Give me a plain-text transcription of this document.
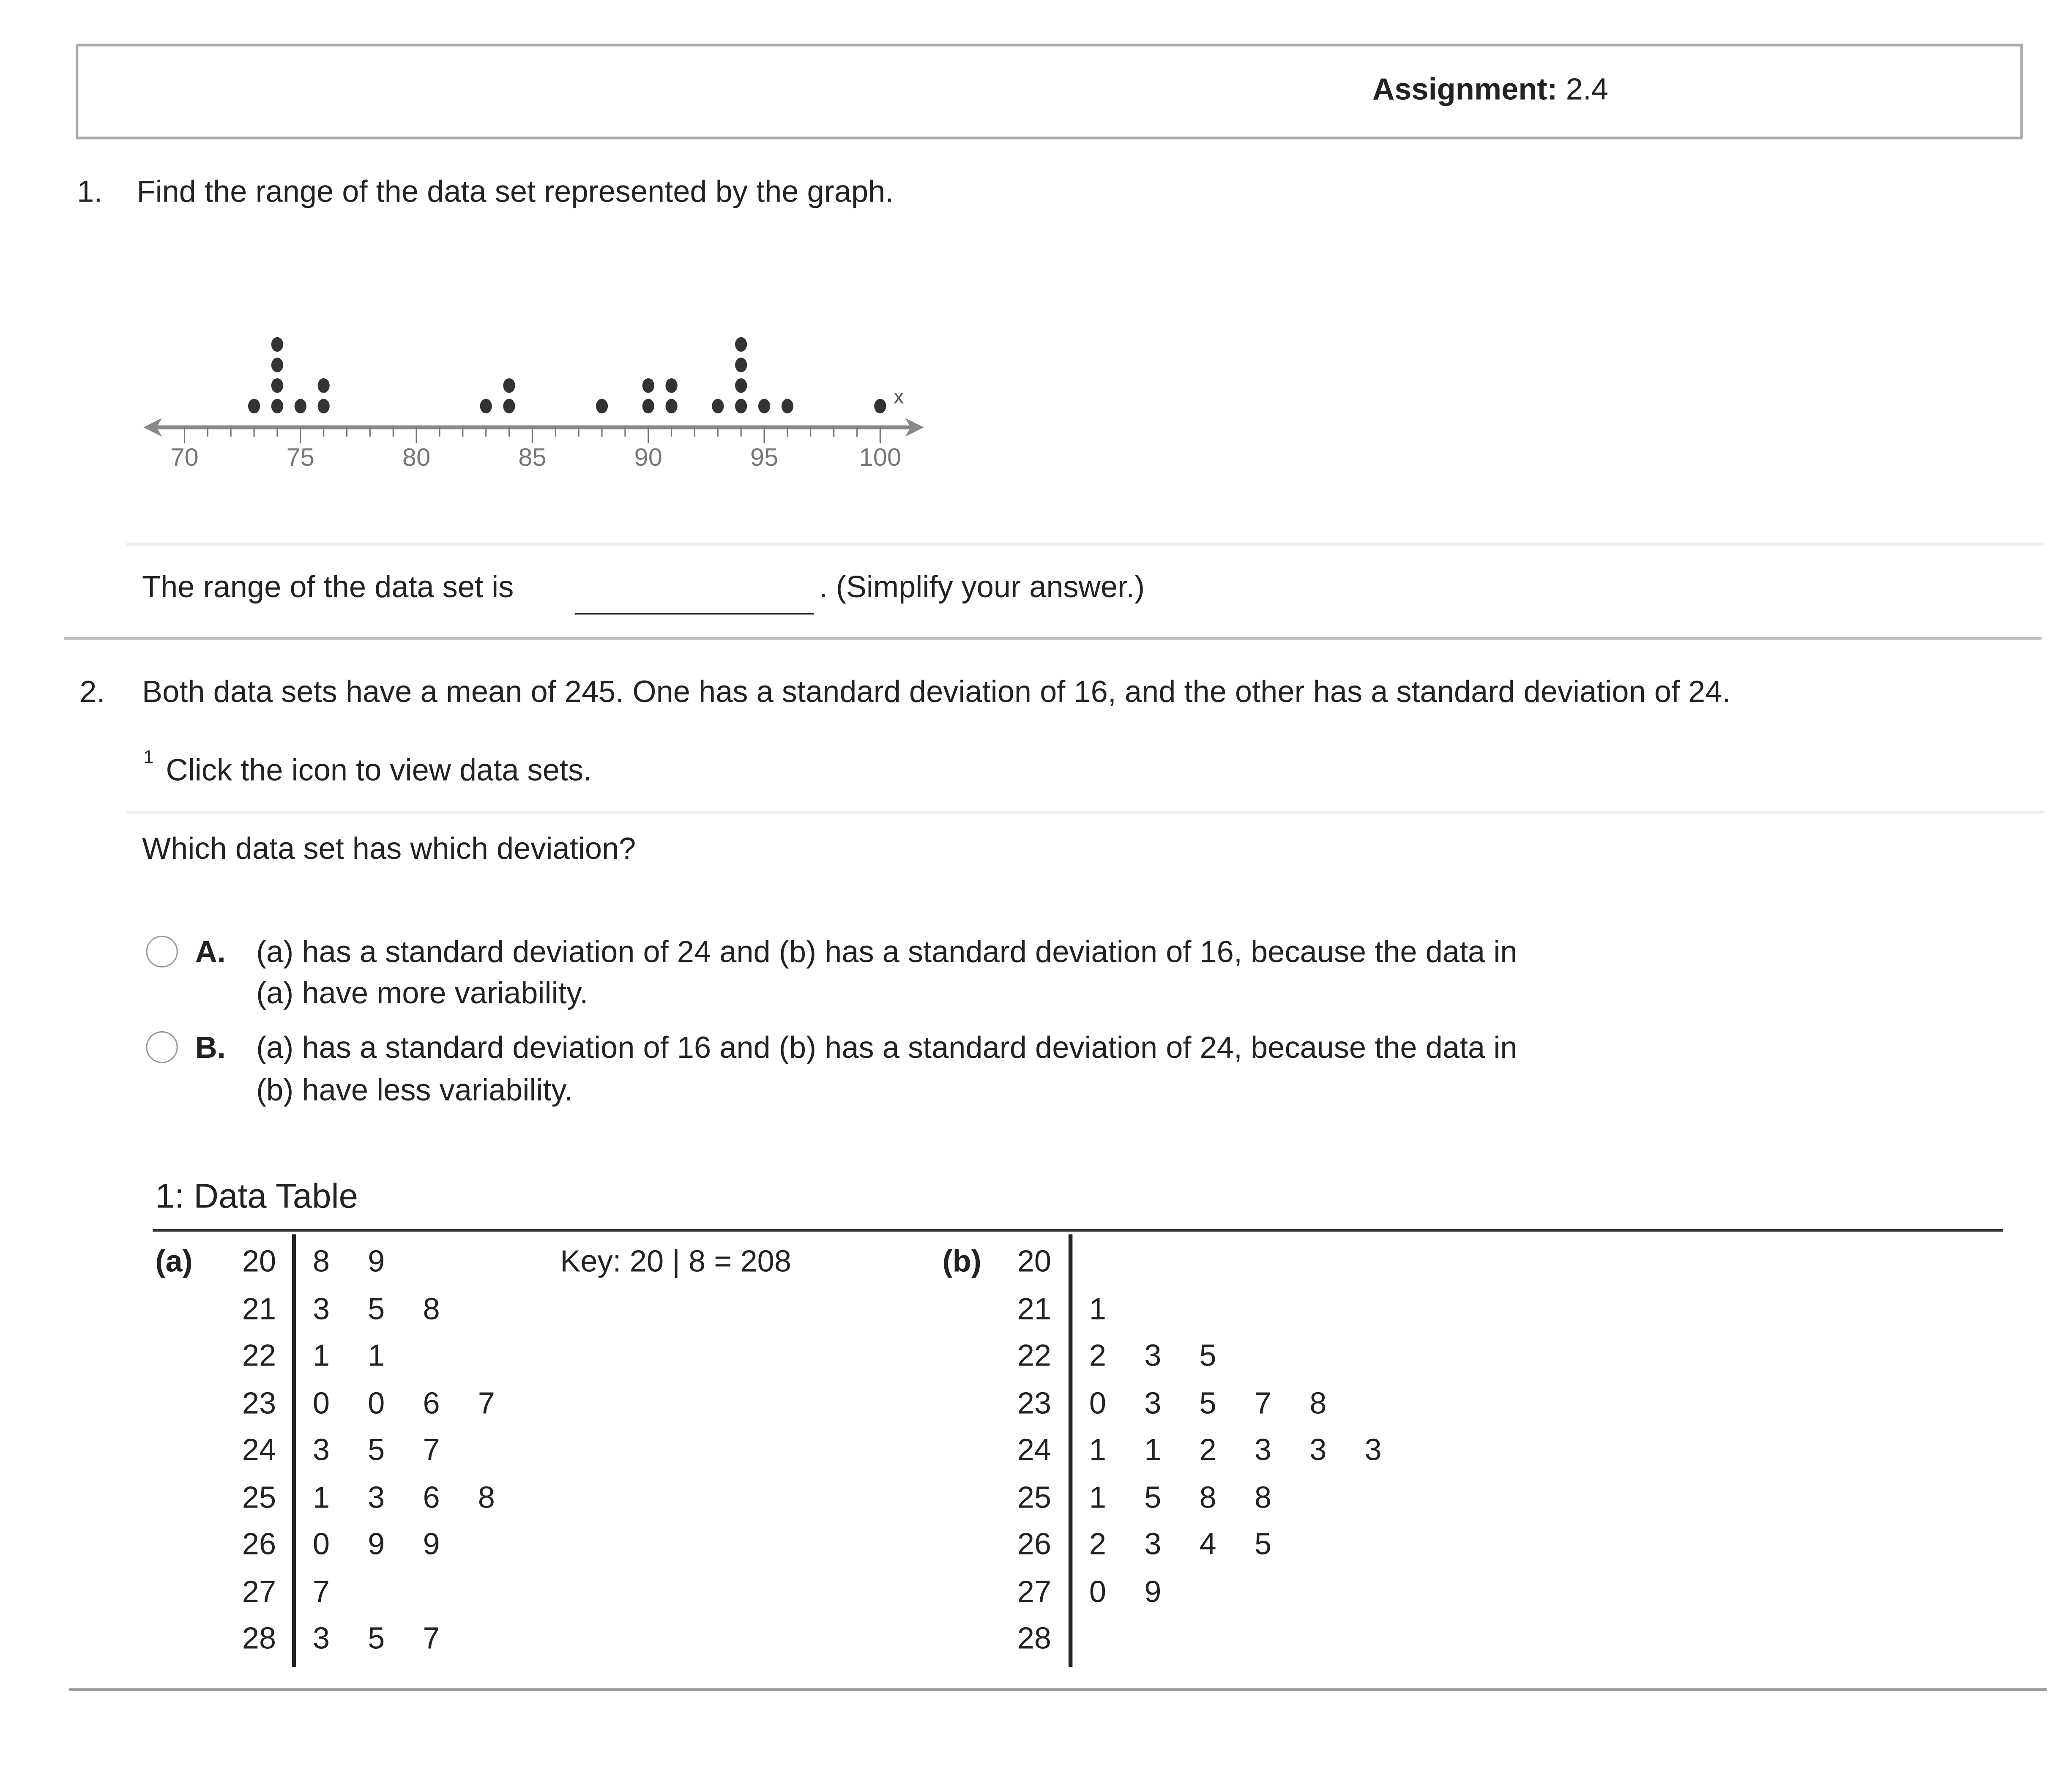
Assignment: 2.4
1.	Find the range of the data set represented by the graph.
70	75	80	85	90	95	100
x
The range of the data set is	. (Simplify your answer.)
2.	Both data sets have a mean of 245. One has a standard deviation of 16, and the other has a standard deviation of 24.
1 Click the icon to view data sets.
Which data set has which deviation?
A.	(a) has a standard deviation of 24 and (b) has a standard deviation of 16, because the data in
(a) have more variability.
B.	(a) has a standard deviation of 16 and (b) has a standard deviation of 24, because the data in
(b) have less variability.
1: Data Table
(a)	Key: 20 | 8 = 208	(b)
20	8	9
21	3	5	8
22	1	1
23	0	0	6	7
24	3	5	7
25	1	3	6	8
26	0	9	9
27	7
28	3	5	7
20
21	1
22	2	3	5
23	0	3	5	7	8
24	1	1	2	3	3	3
25	1	5	8	8
26	2	3	4	5
27	0	9
28
